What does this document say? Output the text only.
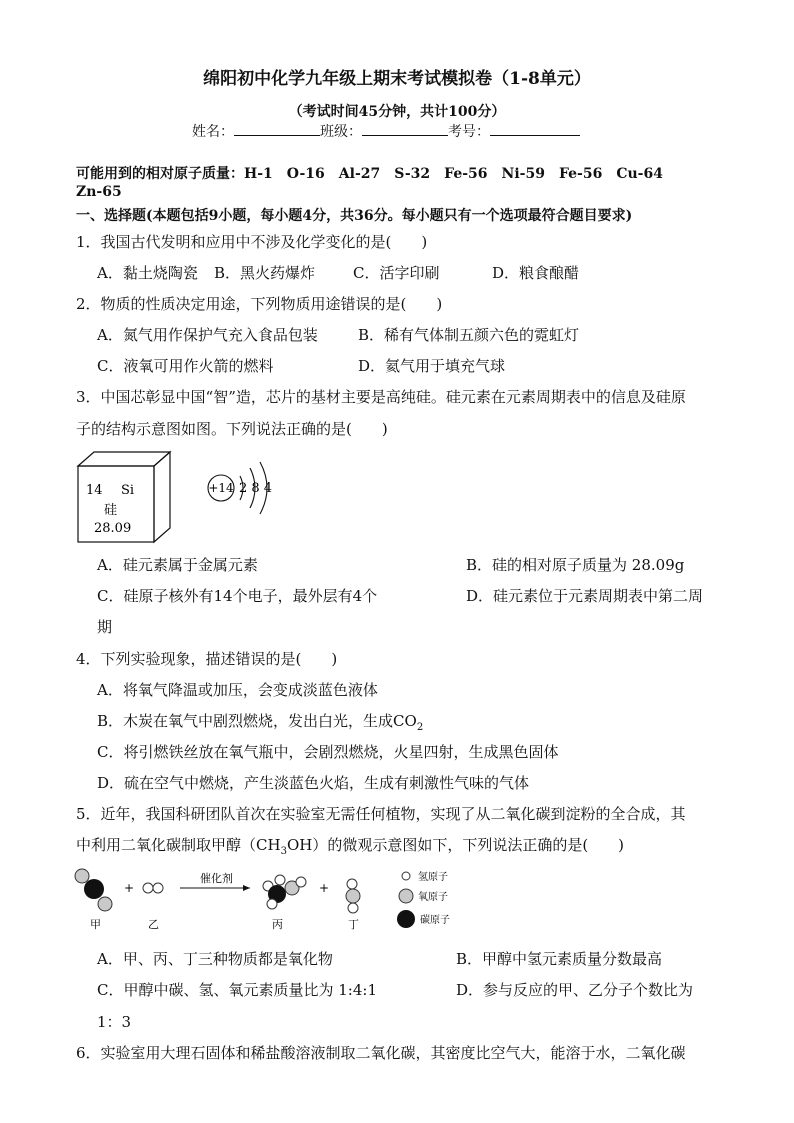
绵阳初中化学九年级上期末考试模拟卷（1-8单元）
（考试时间45分钟，共计100分）
姓名：	班级：	考号：
可能用到的相对原子质量：H-1　O-16　Al-27　S-32　Fe-56　Ni-59　Fe-56　Cu-64
Zn-65
一、选择题(本题包括9小题，每小题4分，共36分。每小题只有一个选项最符合题目要求)
1．我国古代发明和应用中不涉及化学变化的是(　　)
A．黏土烧陶瓷 B．黑火药爆炸	C．活字印刷	D．粮食酿醋
2．物质的性质决定用途，下列物质用途错误的是(　　)
A．氮气用作保护气充入食品包装	B．稀有气体制五颜六色的霓虹灯
C．液氧可用作火箭的燃料	D．氦气用于填充气球
3．中国芯彰显中国“智”造，芯片的基材主要是高纯硅。硅元素在元素周期表中的信息及硅原
子的结构示意图如图。下列说法正确的是(　　)
14 Si
硅
28.09
+14 2 8 4
A．硅元素属于金属元素	B．硅的相对原子质量为 28.09g
C．硅原子核外有14个电子，最外层有4个	D．硅元素位于元素周期表中第二周
期
4．下列实验现象，描述错误的是(　　)
A．将氧气降温或加压，会变成淡蓝色液体
B．木炭在氧气中剧烈燃烧，发出白光，生成$CO_2$
C．将引燃铁丝放在氧气瓶中，会剧烈燃烧，火星四射，生成黑色固体
D．硫在空气中燃烧，产生淡蓝色火焰，生成有刺激性气味的气体
5．近年，我国科研团队首次在实验室无需任何植物，实现了从二氧化碳到淀粉的全合成，其
中利用二氧化碳制取甲醇$(CH_3OH)$的微观示意图如下，下列说法正确的是(　　)
+
催化剂
+
甲	乙	丙	丁
氢原子
氧原子
碳原子
A．甲、丙、丁三种物质都是氧化物	B．甲醇中氢元素质量分数最高
C．甲醇中碳、氢、氧元素质量比为 1:4:1	D．参与反应的甲、乙分子个数比为
1：3
6．实验室用大理石固体和稀盐酸溶液制取二氧化碳，其密度比空气大，能溶于水，二氧化碳
